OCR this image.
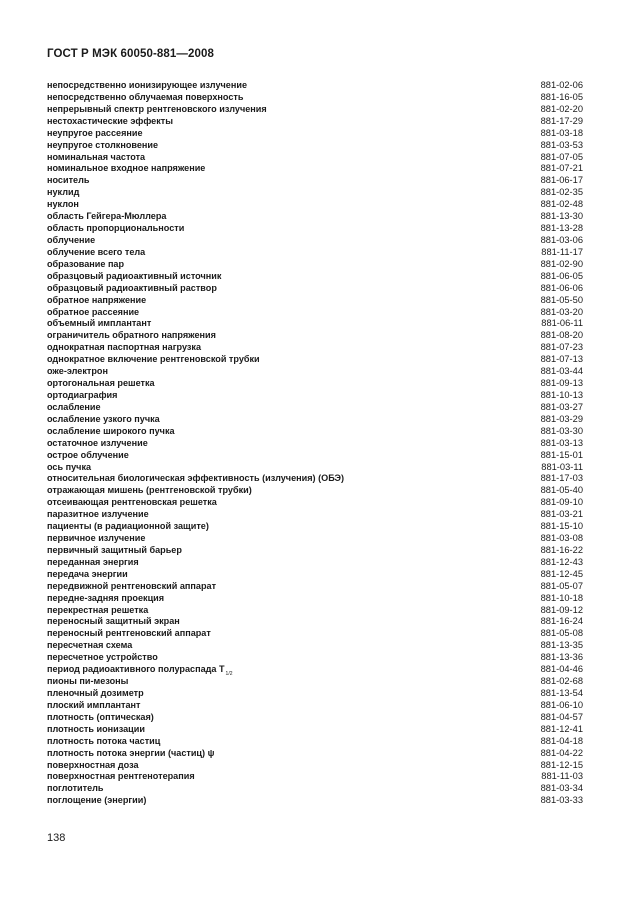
ГОСТ Р МЭК 60050-881—2008
непосредственно ионизирующее излучение	881-02-06
непосредственно облучаемая поверхность	881-16-05
непрерывный спектр рентгеновского излучения	881-02-20
нестохастические эффекты	881-17-29
неупругое рассеяние	881-03-18
неупругое столкновение	881-03-53
номинальная частота	881-07-05
номинальное входное напряжение	881-07-21
носитель	881-06-17
нуклид	881-02-35
нуклон	881-02-48
область Гейгера-Мюллера	881-13-30
область пропорциональности	881-13-28
облучение	881-03-06
облучение всего тела	881-11-17
образование пар	881-02-90
образцовый радиоактивный источник	881-06-05
образцовый радиоактивный раствор	881-06-06
обратное напряжение	881-05-50
обратное рассеяние	881-03-20
объемный имплантант	881-06-11
ограничитель обратного напряжения	881-08-20
однократная паспортная нагрузка	881-07-23
однократное включение рентгеновской трубки	881-07-13
оже-электрон	881-03-44
ортогональная решетка	881-09-13
ортодиаграфия	881-10-13
ослабление	881-03-27
ослабление узкого пучка	881-03-29
ослабление широкого пучка	881-03-30
остаточное излучение	881-03-13
острое облучение	881-15-01
ось пучка	881-03-11
относительная биологическая эффективность (излучения) (ОБЭ)	881-17-03
отражающая мишень (рентгеновской трубки)	881-05-40
отсеивающая рентгеновская решетка	881-09-10
паразитное излучение	881-03-21
пациенты (в радиационной защите)	881-15-10
первичное излучение	881-03-08
первичный защитный барьер	881-16-22
переданная энергия	881-12-43
передача энергии	881-12-45
передвижной рентгеновский аппарат	881-05-07
передне-задняя проекция	881-10-18
перекрестная решетка	881-09-12
переносный защитный экран	881-16-24
переносный рентгеновский аппарат	881-05-08
пересчетная схема	881-13-35
пересчетное устройство	881-13-36
период радиоактивного полураспада $T_{1/2}$	881-04-46
пионы пи-мезоны	881-02-68
пленочный дозиметр	881-13-54
плоский имплантант	881-06-10
плотность (оптическая)	881-04-57
плотность ионизации	881-12-41
плотность потока частиц	881-04-18
плотность потока энергии (частиц) ψ	881-04-22
поверхностная доза	881-12-15
поверхностная рентгенотерапия	881-11-03
поглотитель	881-03-34
поглощение (энергии)	881-03-33
138
